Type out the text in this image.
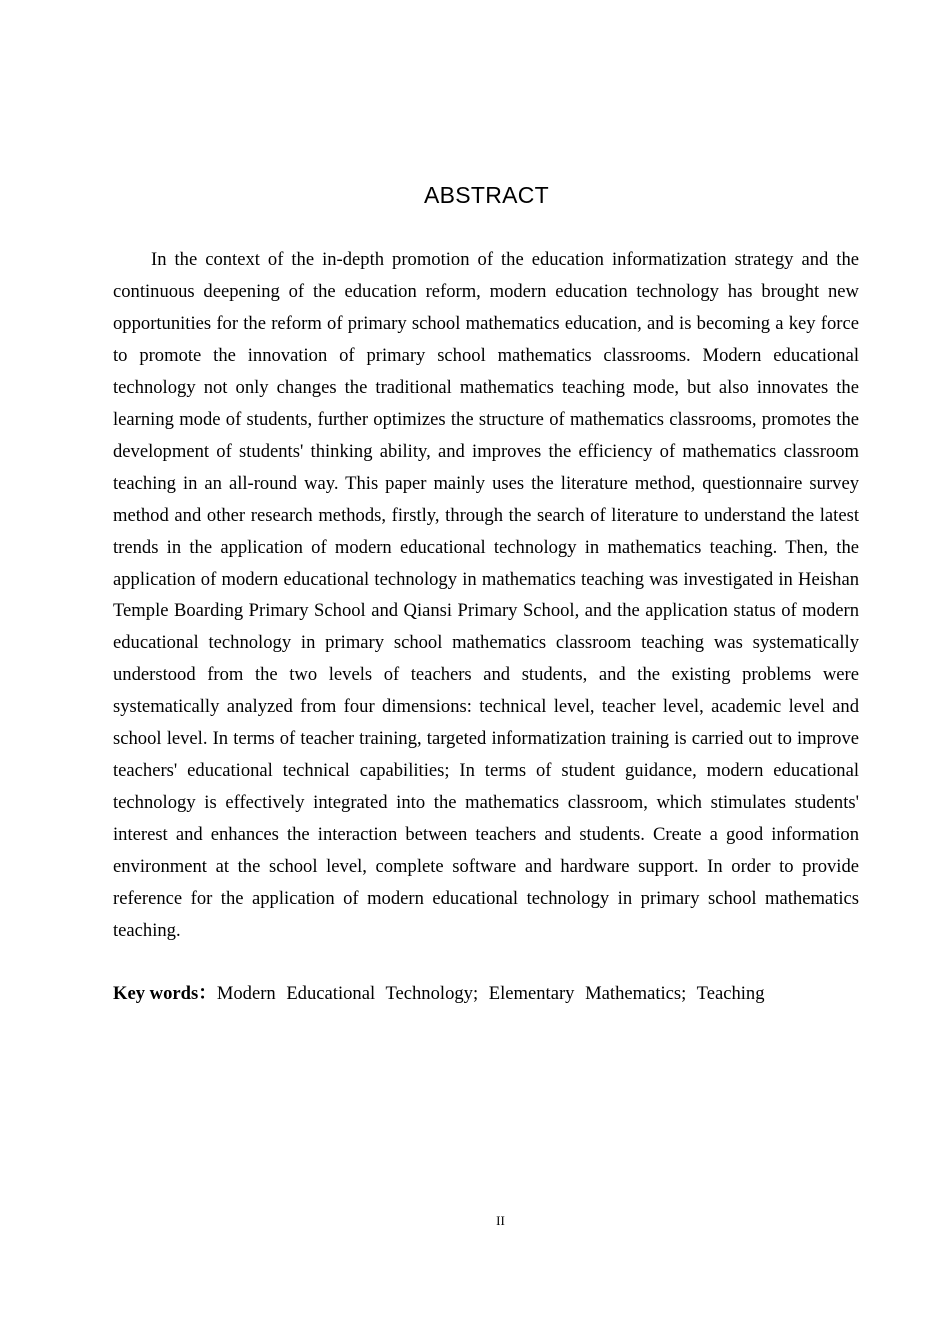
ABSTRACT

In the context of the in-depth promotion of the education informatization strategy and the continuous deepening of the education reform, modern education technology has brought new opportunities for the reform of primary school mathematics education, and is becoming a key force to promote the innovation of primary school mathematics classrooms. Modern educational technology not only changes the traditional mathematics teaching mode, but also innovates the learning mode of students, further optimizes the structure of mathematics classrooms, promotes the development of students' thinking ability, and improves the efficiency of mathematics classroom teaching in an all-round way. This paper mainly uses the literature method, questionnaire survey method and other research methods, firstly, through the search of literature to understand the latest trends in the application of modern educational technology in mathematics teaching. Then, the application of modern educational technology in mathematics teaching was investigated in Heishan Temple Boarding Primary School and Qiansi Primary School, and the application status of modern educational technology in primary school mathematics classroom teaching was systematically understood from the two levels of teachers and students, and the existing problems were systematically analyzed from four dimensions: technical level, teacher level, academic level and school level. In terms of teacher training, targeted informatization training is carried out to improve teachers' educational technical capabilities; In terms of student guidance, modern educational technology is effectively integrated into the mathematics classroom, which stimulates students' interest and enhances the interaction between teachers and students. Create a good information environment at the school level, complete software and hardware support. In order to provide reference for the application of modern educational technology in primary school mathematics teaching.

Key words：Modern Educational Technology; Elementary Mathematics; Teaching

II
